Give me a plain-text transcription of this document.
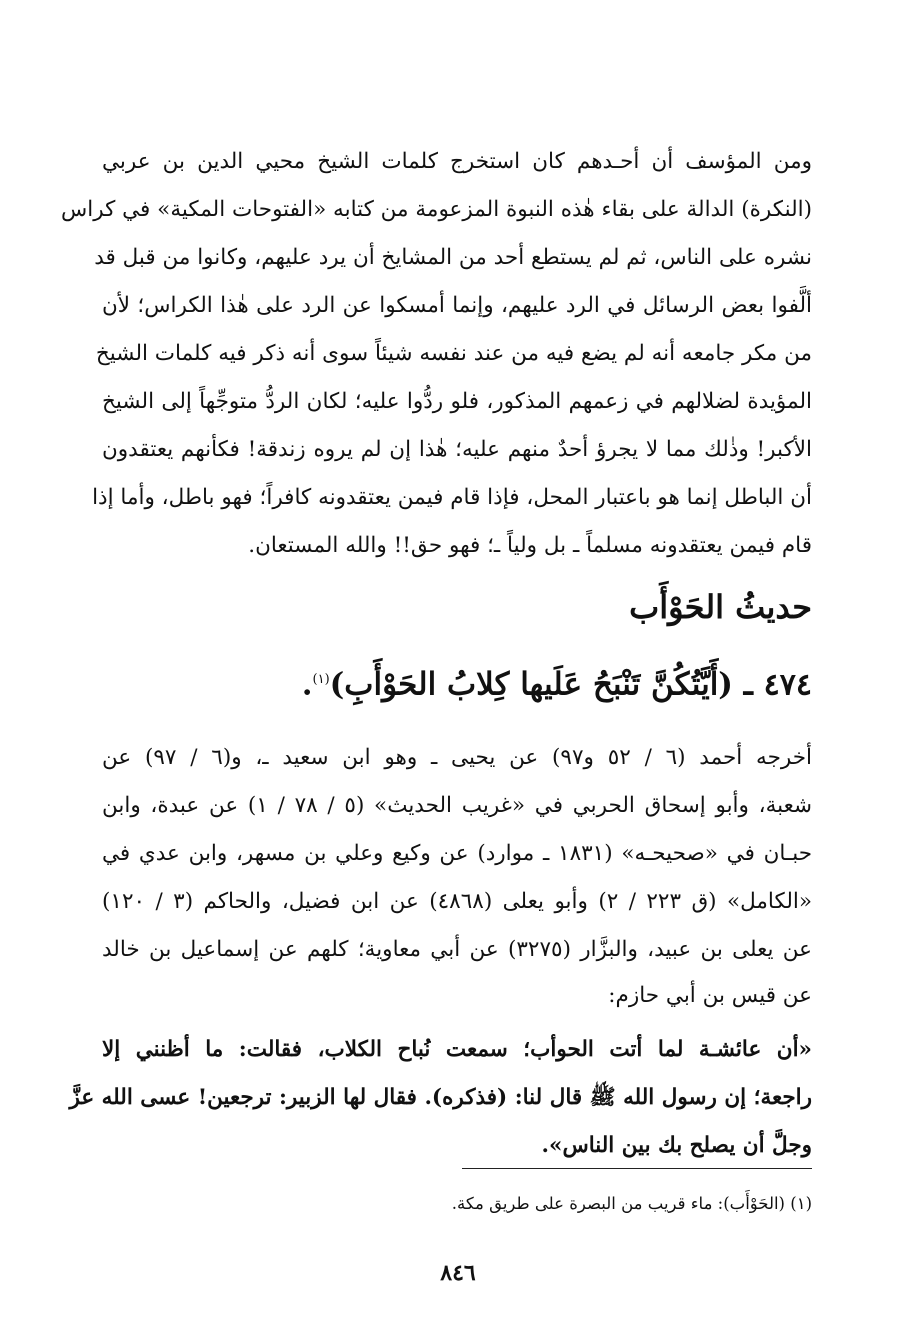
ومن المؤسف أن أحـدهم كان استخرج كلمات الشيخ محيي الدين بن عربي
(النكرة) الدالة على بقاء هٰذه النبوة المزعومة من كتابه «الفتوحات المكية» في كراس
نشره على الناس، ثم لم يستطع أحد من المشايخ أن يرد عليهم، وكانوا من قبل قد
ألَّفوا بعض الرسائل في الرد عليهم، وإنما أمسكوا عن الرد على هٰذا الكراس؛ لأن
من مكر جامعه أنه لم يضع فيه من عند نفسه شيئاً سوى أنه ذكر فيه كلمات الشيخ
المؤيدة لضلالهم في زعمهم المذكور، فلو ردُّوا عليه؛ لكان الردُّ متوجِّهاً إلى الشيخ
الأكبر! وذٰلك مما لا يجرؤ أحدٌ منهم عليه؛ هٰذا إن لم يروه زندقة! فكأنهم يعتقدون
أن الباطل إنما هو باعتبار المحل، فإذا قام فيمن يعتقدونه كافراً؛ فهو باطل، وأما إذا
قام فيمن يعتقدونه مسلماً ـ بل ولياً ـ؛ فهو حق!! والله المستعان.
حديثُ الحَوْأَب
٤٧٤ ـ (أَيَّتُكُنَّ تَنْبَحُ عَلَيها كِلابُ الحَوْأَبِ)$^{(١)}$.
أخرجه أحمد (٦ / ٥٢ و٩٧) عن يحيى ـ وهو ابن سعيد ـ، و(٦ / ٩٧) عن
شعبة، وأبو إسحاق الحربي في «غريب الحديث» (٥ / ٧٨ / ١) عن عبدة، وابن
حبـان في «صحيحـه» (١٨٣١ ـ موارد) عن وكيع وعلي بن مسهر، وابن عدي في
«الكامل» (ق ٢٢٣ / ٢) وأبو يعلى (٤٨٦٨) عن ابن فضيل، والحاكم (٣ / ١٢٠)
عن يعلى بن عبيد، والبزَّار (٣٢٧٥) عن أبي معاوية؛ كلهم عن إسماعيل بن خالد
عن قيس بن أبي حازم:
«أن عائشـة لما أتت الحوأب؛ سمعت نُباح الكلاب، فقالت: ما أظنني إلا
راجعة؛ إن رسول الله ﷺ قال لنا: (فذكره). فقال لها الزبير: ترجعين! عسى الله عزَّ
وجلَّ أن يصلح بك بين الناس».
(١) (الحَوْأَب): ماء قريب من البصرة على طريق مكة.
٨٤٦
